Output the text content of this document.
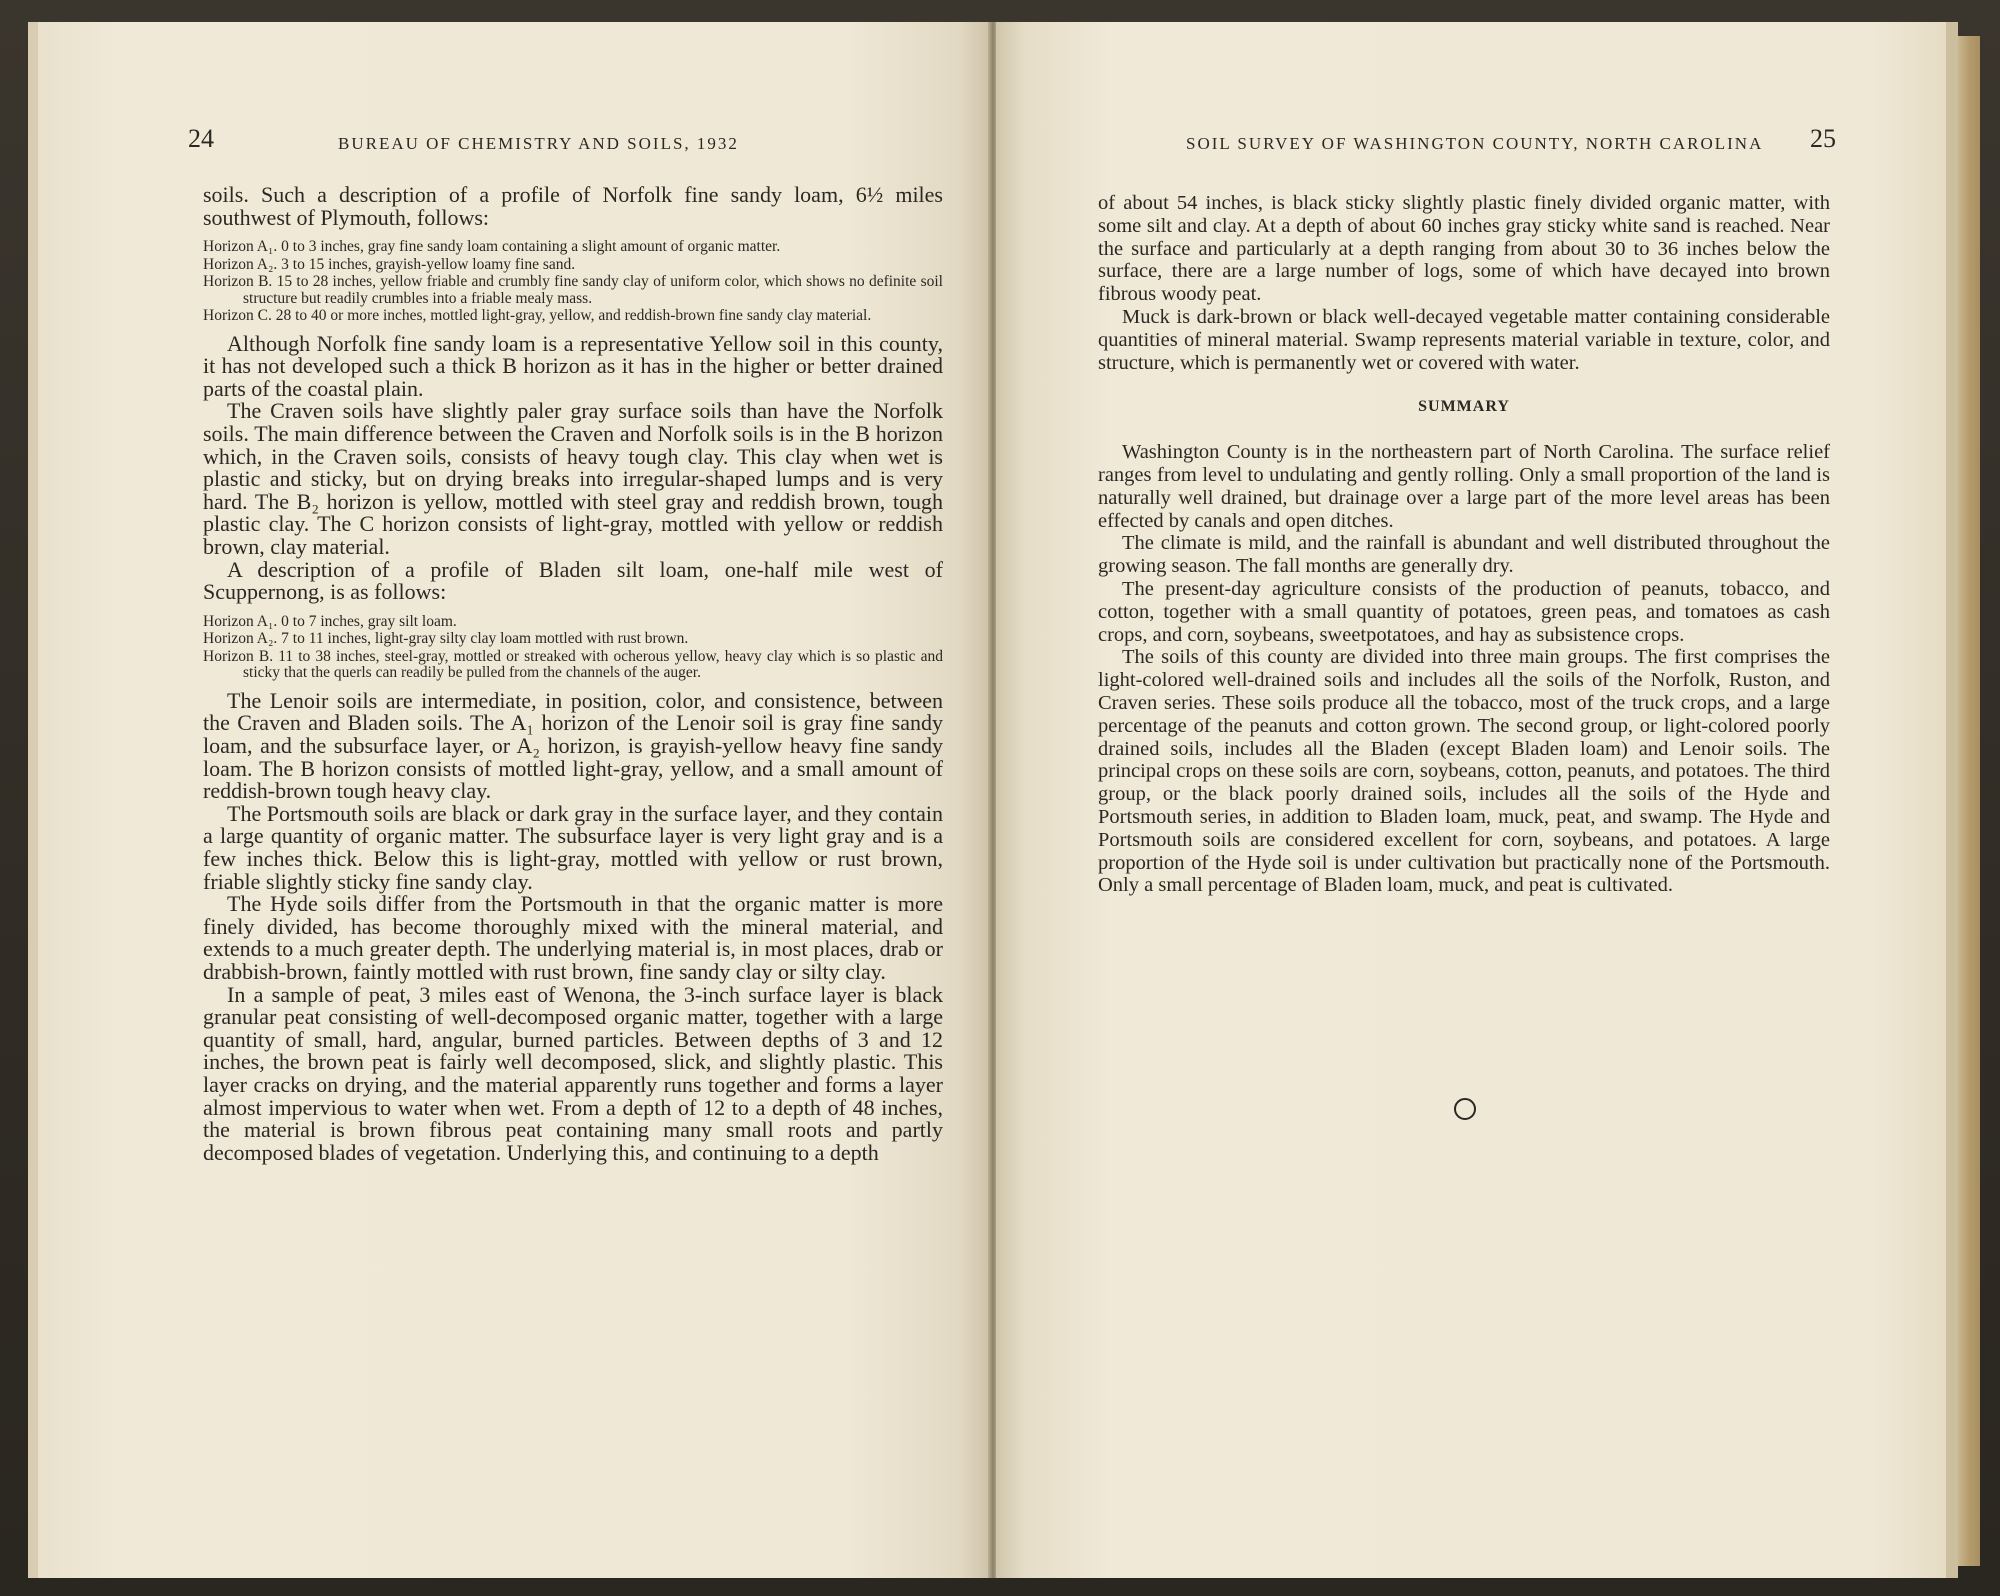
24	BUREAU OF CHEMISTRY AND SOILS, 1932

soils. Such a description of a profile of Norfolk fine sandy loam, 6½ miles southwest of Plymouth, follows:

Horizon A₁. 0 to 3 inches, gray fine sandy loam containing a slight amount of organic matter.
Horizon A₂. 3 to 15 inches, grayish-yellow loamy fine sand.
Horizon B. 15 to 28 inches, yellow friable and crumbly fine sandy clay of uniform color, which shows no definite soil structure but readily crumbles into a friable mealy mass.
Horizon C. 28 to 40 or more inches, mottled light-gray, yellow, and reddish-brown fine sandy clay material.

Although Norfolk fine sandy loam is a representative Yellow soil in this county, it has not developed such a thick B horizon as it has in the higher or better drained parts of the coastal plain.

The Craven soils have slightly paler gray surface soils than have the Norfolk soils. The main difference between the Craven and Norfolk soils is in the B horizon which, in the Craven soils, consists of heavy tough clay. This clay when wet is plastic and sticky, but on drying breaks into irregular-shaped lumps and is very hard. The B₂ horizon is yellow, mottled with steel gray and reddish brown, tough plastic clay. The C horizon consists of light-gray, mottled with yellow or reddish brown, clay material.

A description of a profile of Bladen silt loam, one-half mile west of Scuppernong, is as follows:

Horizon A₁. 0 to 7 inches, gray silt loam.
Horizon A₂. 7 to 11 inches, light-gray silty clay loam mottled with rust brown.
Horizon B. 11 to 38 inches, steel-gray, mottled or streaked with ocherous yellow, heavy clay which is so plastic and sticky that the querls can readily be pulled from the channels of the auger.

The Lenoir soils are intermediate, in position, color, and consistence, between the Craven and Bladen soils. The A₁ horizon of the Lenoir soil is gray fine sandy loam, and the subsurface layer, or A₂ horizon, is grayish-yellow heavy fine sandy loam. The B horizon consists of mottled light-gray, yellow, and a small amount of reddish-brown tough heavy clay.

The Portsmouth soils are black or dark gray in the surface layer, and they contain a large quantity of organic matter. The subsurface layer is very light gray and is a few inches thick. Below this is light-gray, mottled with yellow or rust brown, friable slightly sticky fine sandy clay.

The Hyde soils differ from the Portsmouth in that the organic matter is more finely divided, has become thoroughly mixed with the mineral material, and extends to a much greater depth. The underlying material is, in most places, drab or drabbish-brown, faintly mottled with rust brown, fine sandy clay or silty clay.

In a sample of peat, 3 miles east of Wenona, the 3-inch surface layer is black granular peat consisting of well-decomposed organic matter, together with a large quantity of small, hard, angular, burned particles. Between depths of 3 and 12 inches, the brown peat is fairly well decomposed, slick, and slightly plastic. This layer cracks on drying, and the material apparently runs together and forms a layer almost impervious to water when wet. From a depth of 12 to a depth of 48 inches, the material is brown fibrous peat containing many small roots and partly decomposed blades of vegetation. Underlying this, and continuing to a depth

SOIL SURVEY OF WASHINGTON COUNTY, NORTH CAROLINA 25

of about 54 inches, is black sticky slightly plastic finely divided organic matter, with some silt and clay. At a depth of about 60 inches gray sticky white sand is reached. Near the surface and particularly at a depth ranging from about 30 to 36 inches below the surface, there are a large number of logs, some of which have decayed into brown fibrous woody peat.

Muck is dark-brown or black well-decayed vegetable matter containing considerable quantities of mineral material. Swamp represents material variable in texture, color, and structure, which is permanently wet or covered with water.

SUMMARY

Washington County is in the northeastern part of North Carolina. The surface relief ranges from level to undulating and gently rolling. Only a small proportion of the land is naturally well drained, but drainage over a large part of the more level areas has been effected by canals and open ditches.

The climate is mild, and the rainfall is abundant and well distributed throughout the growing season. The fall months are generally dry.

The present-day agriculture consists of the production of peanuts, tobacco, and cotton, together with a small quantity of potatoes, green peas, and tomatoes as cash crops, and corn, soybeans, sweetpotatoes, and hay as subsistence crops.

The soils of this county are divided into three main groups. The first comprises the light-colored well-drained soils and includes all the soils of the Norfolk, Ruston, and Craven series. These soils produce all the tobacco, most of the truck crops, and a large percentage of the peanuts and cotton grown. The second group, or light-colored poorly drained soils, includes all the Bladen (except Bladen loam) and Lenoir soils. The principal crops on these soils are corn, soybeans, cotton, peanuts, and potatoes. The third group, or the black poorly drained soils, includes all the soils of the Hyde and Portsmouth series, in addition to Bladen loam, muck, peat, and swamp. The Hyde and Portsmouth soils are considered excellent for corn, soybeans, and potatoes. A large proportion of the Hyde soil is under cultivation but practically none of the Portsmouth. Only a small percentage of Bladen loam, muck, and peat is cultivated.
